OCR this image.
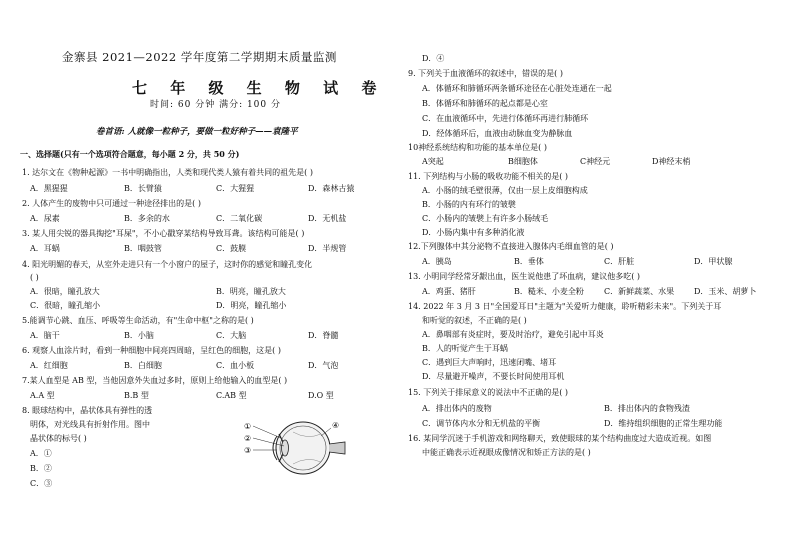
金寨县 2021—2022 学年度第二学期期末质量监测
七 年 级 生 物 试 卷
时间: 60 分钟 满分: 100 分
卷首语: 人就像一粒种子，要做一粒好种子——袁隆平
一、选择题(只有一个选项符合题意，每小题 2 分，共 50 分)
1. 达尔文在《物种起源》一书中明确指出，人类和现代类人猿有着共同的祖先是( )
A．黑猩猩	B．长臂猿	C．大猩猩	D．森林古猿
2. 人体产生的废物中只可通过一种途径排出的是( )
A．尿素	B．多余的水	C．二氧化碳	D．无机盐
3. 某人用尖锐的器具掏挖"耳屎"，不小心戳穿某结构导致耳聋。该结构可能是( )
A．耳蜗	B．咽鼓管	C．鼓膜	D．半规管
4. 阳光明媚的春天，从室外走进只有一个小窗户的屋子，这时你的感觉和瞳孔变化
( )
A．很暗，瞳孔放大	B．明亮，瞳孔放大
C．很暗，瞳孔缩小	D．明亮，瞳孔缩小
5.能调节心跳、血压、呼吸等生命活动，有"生命中枢"之称的是( )
A．脑干	B．小脑	C．大脑	D．脊髓
6. 观察人血涂片时，看到一种细胞中间亮四周暗，呈红色的细胞，这是( )
A．红细胞	B．白细胞	C．血小板	D．气泡
7.某人血型是 AB 型，当他因意外失血过多时，原则上给他输入的血型是( )
A.A 型	B.B 型	C.AB 型	D.O 型
8. 眼球结构中，晶状体具有弹性的透
明体，对光线具有折射作用。图中
晶状体的标号( )
A．①
B．②
C．③
①
②
③
④
D．④
9. 下列关于血液循环的叙述中，错误的是( )
A．体循环和肺循环两条循环途径在心脏处连通在一起
B．体循环和肺循环的起点都是心室
C．在血液循环中，先进行体循环再进行肺循环
D．经体循环后，血液由动脉血变为静脉血
10神经系统结构和功能的基本单位是( )
A突起	B细胞体	C神经元	D神经末梢
11. 下列结构与小肠的吸收功能不相关的是( )
A．小肠的绒毛壁很薄，仅由一层上皮细胞构成
B．小肠的内有环行的皱襞
C．小肠内的皱襞上有许多小肠绒毛
D．小肠内集中有多种消化液
12.下列腺体中其分泌物不直接进入腺体内毛细血管的是( )
A．胰岛	B．垂体	C．肝脏	D．甲状腺
13. 小明同学经常牙龈出血，医生说他患了坏血病，建议他多吃( )
A．鸡蛋、猪肝	B．糙米、小麦全粉	C．新鲜蔬菜、水果 D．玉米、胡萝卜
14. 2022 年 3 月 3 日"全国爱耳日"主题为"关爱听力健康，聆听精彩未来"。下列关于耳
和听觉的叙述，不正确的是( )
A．鼻咽部有炎症时，要及时治疗，避免引起中耳炎
B．人的听觉产生于耳蜗
C．遇到巨大声响时，迅速闭嘴、堵耳
D．尽量避开噪声，不要长时间使用耳机
15. 下列关于排尿意义的说法中不正确的是( )
A．排出体内的废物	B．排出体内的食物残渣
C．调节体内水分和无机盐的平衡	D．维持组织细胞的正常生理功能
16. 某同学沉迷于手机游戏和网络聊天，致使眼球的某个结构曲度过大造成近视。如图
中能正确表示近视眼成像情况和矫正方法的是( )
